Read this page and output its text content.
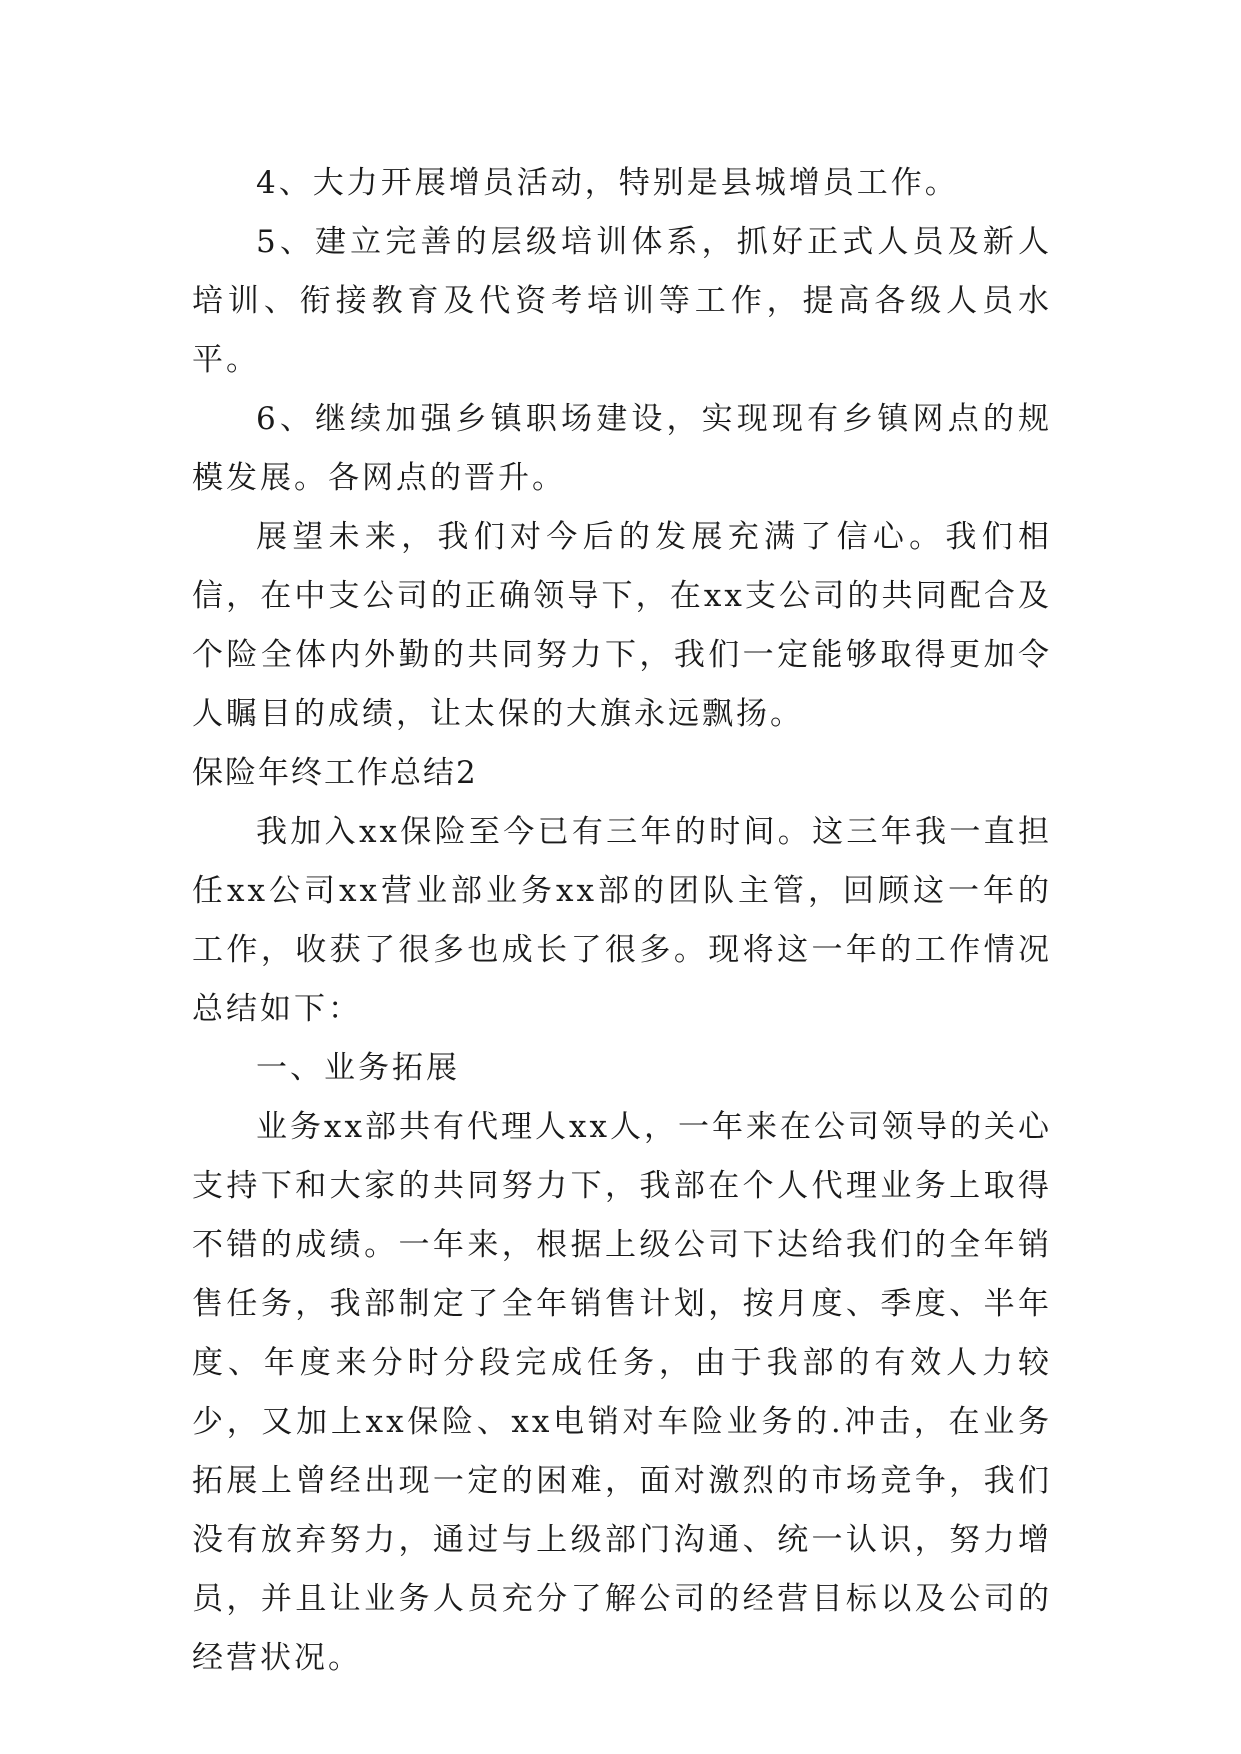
4、大力开展增员活动，特别是县城增员工作。

5、建立完善的层级培训体系，抓好正式人员及新人培训、衔接教育及代资考培训等工作，提高各级人员水平。

6、继续加强乡镇职场建设，实现现有乡镇网点的规模发展。各网点的晋升。

展望未来，我们对今后的发展充满了信心。我们相信，在中支公司的正确领导下，在xx支公司的共同配合及个险全体内外勤的共同努力下，我们一定能够取得更加令人瞩目的成绩，让太保的大旗永远飘扬。

保险年终工作总结2

我加入xx保险至今已有三年的时间。这三年我一直担任xx公司xx营业部业务xx部的团队主管，回顾这一年的工作，收获了很多也成长了很多。现将这一年的工作情况总结如下：

一、业务拓展

业务xx部共有代理人xx人，一年来在公司领导的关心支持下和大家的共同努力下，我部在个人代理业务上取得不错的成绩。一年来，根据上级公司下达给我们的全年销售任务，我部制定了全年销售计划，按月度、季度、半年度、年度来分时分段完成任务，由于我部的有效人力较少，又加上xx保险、xx电销对车险业务的.冲击，在业务拓展上曾经出现一定的困难，面对激烈的市场竞争，我们没有放弃努力，通过与上级部门沟通、统一认识，努力增员，并且让业务人员充分了解公司的经营目标以及公司的经营状况。
